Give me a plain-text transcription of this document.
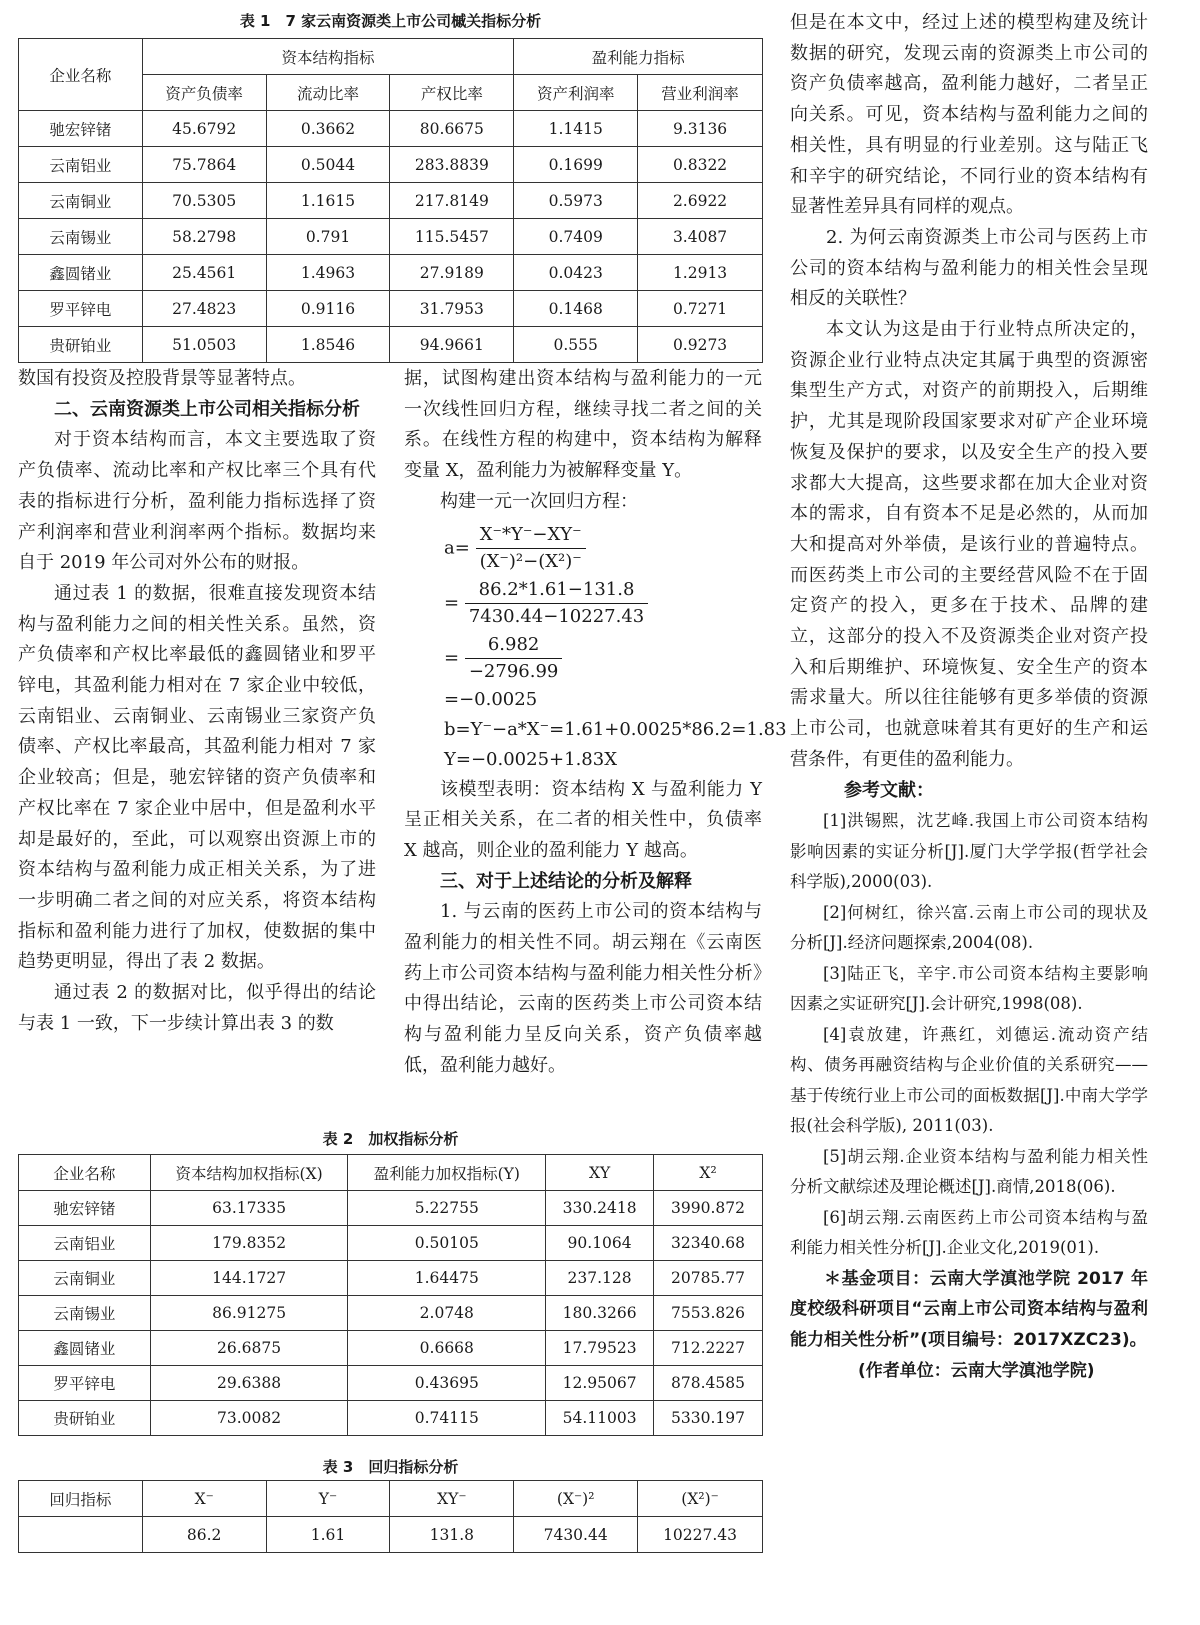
表 1　7 家云南资源类上市公司槭关指标分析
企业名称	资本结构指标			盈利能力指标	
	资产负债率	流动比率	产权比率	资产利润率	营业利润率
驰宏锌锗	45.6792	0.3662	80.6675	1.1415	9.3136
云南铝业	75.7864	0.5044	283.8839	0.1699	0.8322
云南铜业	70.5305	1.1615	217.8149	0.5973	2.6922
云南锡业	58.2798	0.791	115.5457	0.7409	3.4087
鑫圆锗业	25.4561	1.4963	27.9189	0.0423	1.2913
罗平锌电	27.4823	0.9116	31.7953	0.1468	0.7271
贵研铂业	51.0503	1.8546	94.9661	0.555	0.9273

数国有投资及控股背景等显著特点。

二、云南资源类上市公司相关指标分析

对于资本结构而言，本文主要选取了资产负债率、流动比率和产权比率三个具有代表的指标进行分析，盈利能力指标选择了资产利润率和营业利润率两个指标。数据均来自于 2019 年公司对外公布的财报。

通过表 1 的数据，很难直接发现资本结构与盈利能力之间的相关性关系。虽然，资产负债率和产权比率最低的鑫圆锗业和罗平锌电，其盈利能力相对在 7 家企业中较低，云南铝业、云南铜业、云南锡业三家资产负债率、产权比率最高，其盈利能力相对 7 家企业较高；但是，驰宏锌锗的资产负债率和产权比率在 7 家企业中居中，但是盈利水平却是最好的，至此，可以观察出资源上市的资本结构与盈利能力成正相关关系，为了进一步明确二者之间的对应关系，将资本结构指标和盈利能力进行了加权，使数据的集中趋势更明显，得出了表 2 数据。

通过表 2 的数据对比，似乎得出的结论与表 1 一致，下一步续计算出表 3 的数

据，试图构建出资本结构与盈利能力的一元一次线性回归方程，继续寻找二者之间的关系。在线性方程的构建中，资本结构为解释变量 X，盈利能力为被解释变量 Y。

构建一元一次回归方程：

$a= \frac{X^-*Y^--XY^-}{\text{(X⁻)²−(X²)⁻}}$
= $\frac{86.2*1.61-131.8}{7430.44-10227.43}$
= $\frac{6.982}{-2796.99}$
=−0.0025
b=Y⁻−a*X⁻=1.61+0.0025*86.2=1.83
Y=−0.0025+1.83X

该模型表明：资本结构 X 与盈利能力 Y 呈正相关关系，在二者的相关性中，负债率 X 越高，则企业的盈利能力 Y 越高。

三、对于上述结论的分析及解释

1. 与云南的医药上市公司的资本结构与盈利能力的相关性不同。胡云翔在《云南医药上市公司资本结构与盈利能力相关性分析》中得出结论，云南的医药类上市公司资本结构与盈利能力呈反向关系，资产负债率越低，盈利能力越好。

但是在本文中，经过上述的模型构建及统计数据的研究，发现云南的资源类上市公司的资产负债率越高，盈利能力越好，二者呈正向关系。可见，资本结构与盈利能力之间的相关性，具有明显的行业差别。这与陆正飞和辛宇的研究结论，不同行业的资本结构有显著性差异具有同样的观点。

2. 为何云南资源类上市公司与医药上市公司的资本结构与盈利能力的相关性会呈现相反的关联性？

本文认为这是由于行业特点所决定的，资源企业行业特点决定其属于典型的资源密集型生产方式，对资产的前期投入，后期维护，尤其是现阶段国家要求对矿产企业环境恢复及保护的要求，以及安全生产的投入要求都大大提高，这些要求都在加大企业对资本的需求，自有资本不足是必然的，从而加大和提高对外举债，是该行业的普遍特点。而医药类上市公司的主要经营风险不在于固定资产的投入，更多在于技术、品牌的建立，这部分的投入不及资源类企业对资产投入和后期维护、环境恢复、安全生产的资本需求量大。所以往往能够有更多举债的资源上市公司，也就意味着其有更好的生产和运营条件，有更佳的盈利能力。

参考文献：

[1]洪锡熙，沈艺峰.我国上市公司资本结构影响因素的实证分析[J].厦门大学学报(哲学社会科学版),2000(03).

[2]何树红，徐兴富.云南上市公司的现状及分析[J].经济问题探索,2004(08).

[3]陆正飞，辛宇.市公司资本结构主要影响因素之实证研究[J].会计研究,1998(08).

[4]袁放建，许燕红，刘德运.流动资产结构、债务再融资结构与企业价值的关系研究——基于传统行业上市公司的面板数据[J].中南大学学报(社会科学版), 2011(03).

[5]胡云翔.企业资本结构与盈利能力相关性分析文献综述及理论概述[J].商情,2018(06).

[6]胡云翔.云南医药上市公司资本结构与盈利能力相关性分析[J].企业文化,2019(01).

＊基金项目：云南大学滇池学院 2017 年度校级科研项目“云南上市公司资本结构与盈利能力相关性分析”(项目编号：2017XZC23)。

(作者单位：云南大学滇池学院)

表 2　加权指标分析
企业名称	资本结构加权指标(X)	盈利能力加权指标(Y)	XY	X²
驰宏锌锗	63.17335	5.22755	330.2418	3990.872
云南铝业	179.8352	0.50105	90.1064	32340.68
云南铜业	144.1727	1.64475	237.128	20785.77
云南锡业	86.91275	2.0748	180.3266	7553.826
鑫圆锗业	26.6875	0.6668	17.79523	712.2227
罗平锌电	29.6388	0.43695	12.95067	878.4585
贵研铂业	73.0082	0.74115	54.11003	5330.197
表 3　回归指标分析
回归指标	X⁻	Y⁻	XY⁻	(X⁻)²	(X²)⁻
	86.2	1.61	131.8	7430.44	10227.43
